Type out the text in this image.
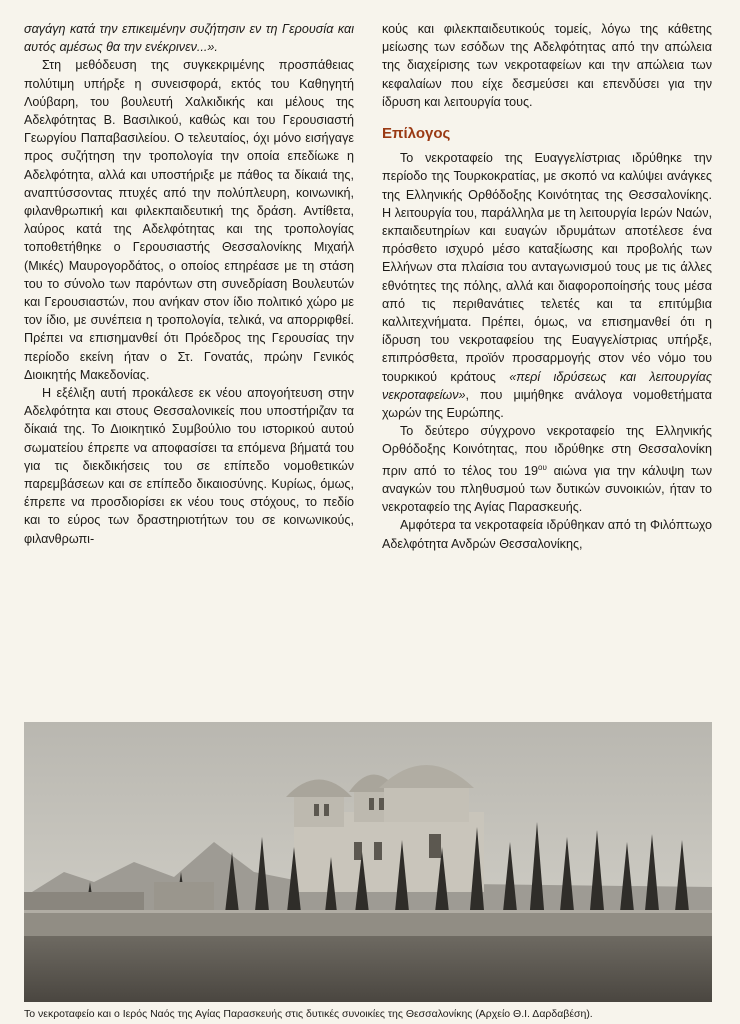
σαγάγη κατά την επικειμένην συζήτησιν εν τη Γερουσία και αυτός αμέσως θα την ενέκρινεν...».

Στη μεθόδευση της συγκεκριμένης προσπάθειας πολύτιμη υπήρξε η συνεισφορά, εκτός του Καθηγητή Λούβαρη, του βουλευτή Χαλκιδικής και μέλους της Αδελφότητας Β. Βασιλικού, καθώς και του Γερουσιαστή Γεωργίου Παπαβασιλείου. Ο τελευταίος, όχι μόνο εισήγαγε προς συζήτηση την τροπολογία την οποία επεδίωκε η Αδελφότητα, αλλά και υποστήριξε με πάθος τα δίκαιά της, αναπτύσσοντας πτυχές από την πολύπλευρη, κοινωνική, φιλανθρωπική και φιλεκπαιδευτική της δράση. Αντίθετα, λαύρος κατά της Αδελφότητας και της τροπολογίας τοποθετήθηκε ο Γερουσιαστής Θεσσαλονίκης Μιχαήλ (Μικές) Μαυρογορδάτος, ο οποίος επηρέασε με τη στάση του το σύνολο των παρόντων στη συνεδρίαση Βουλευτών και Γερουσιαστών, που ανήκαν στον ίδιο πολιτικό χώρο με τον ίδιο, με συνέπεια η τροπολογία, τελικά, να απορριφθεί. Πρέπει να επισημανθεί ότι Πρόεδρος της Γερουσίας την περίοδο εκείνη ήταν ο Στ. Γονατάς, πρώην Γενικός Διοικητής Μακεδονίας.

Η εξέλιξη αυτή προκάλεσε εκ νέου απογοήτευση στην Αδελφότητα και στους Θεσσαλονικείς που υποστήριζαν τα δίκαιά της. Το Διοικητικό Συμβούλιο του ιστορικού αυτού σωματείου έπρεπε να αποφασίσει τα επόμενα βήματά του για τις διεκδικήσεις του σε επίπεδο νομοθετικών παρεμβάσεων και σε επίπεδο δικαιοσύνης. Κυρίως, όμως, έπρεπε να προσδιορίσει εκ νέου τους στόχους, το πεδίο και το εύρος των δραστηριοτήτων του σε κοινωνικούς, φιλανθρωπι-

κούς και φιλεκπαιδευτικούς τομείς, λόγω της κάθετης μείωσης των εσόδων της Αδελφότητας από την απώλεια της διαχείρισης των νεκροταφείων και την απώλεια των κεφαλαίων που είχε δεσμεύσει και επενδύσει για την ίδρυση και λειτουργία τους.

Επίλογος

Το νεκροταφείο της Ευαγγελίστριας ιδρύθηκε την περίοδο της Τουρκοκρατίας, με σκοπό να καλύψει ανάγκες της Ελληνικής Ορθόδοξης Κοινότητας της Θεσσαλονίκης. Η λειτουργία του, παράλληλα με τη λειτουργία Ιερών Ναών, εκπαιδευτηρίων και ευαγών ιδρυμάτων αποτέλεσε ένα πρόσθετο ισχυρό μέσο καταξίωσης και προβολής των Ελλήνων στα πλαίσια του ανταγωνισμού τους με τις άλλες εθνότητες της πόλης, αλλά και διαφοροποίησής τους μέσα από τις περιθανάτιες τελετές και τα επιτύμβια καλλιτεχνήματα. Πρέπει, όμως, να επισημανθεί ότι η ίδρυση του νεκροταφείου της Ευαγγελίστριας υπήρξε, επιπρόσθετα, προϊόν προσαρμογής στον νέο νόμο του τουρκικού κράτους «περί ιδρύσεως και λειτουργίας νεκροταφείων», που μιμήθηκε ανάλογα νομοθετήματα χωρών της Ευρώπης.

Το δεύτερο σύγχρονο νεκροταφείο της Ελληνικής Ορθόδοξης Κοινότητας, που ιδρύθηκε στη Θεσσαλονίκη πριν από το τέλος του $19^{o\upsilon}$ αιώνα για την κάλυψη των αναγκών του πληθυσμού των δυτικών συνοικιών, ήταν το νεκροταφείο της Αγίας Παρασκευής.

Αμφότερα τα νεκροταφεία ιδρύθηκαν από τη Φιλόπτωχο Αδελφότητα Ανδρών Θεσσαλονίκης,

Το νεκροταφείο και ο Ιερός Ναός της Αγίας Παρασκευής στις δυτικές συνοικίες της Θεσσαλονίκης (Αρχείο Θ.Ι. Δαρδαβέση).
